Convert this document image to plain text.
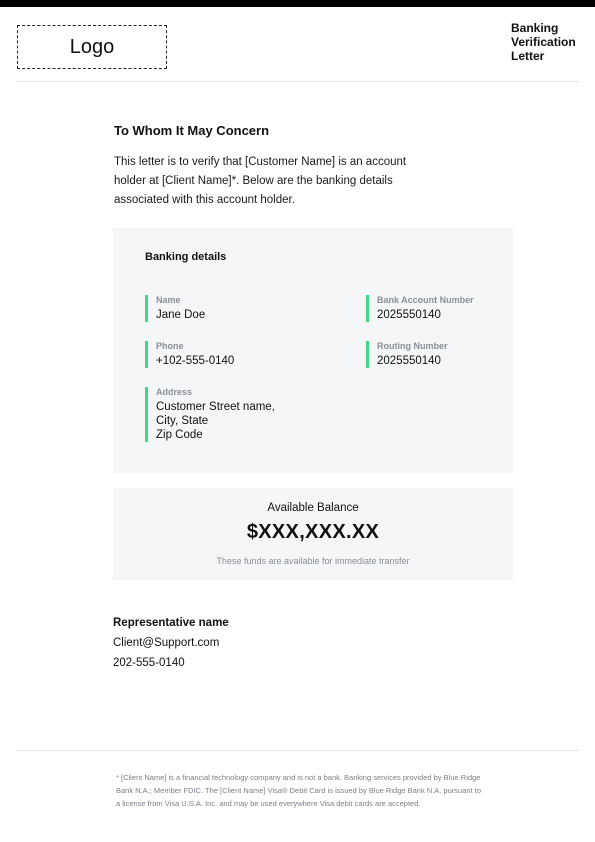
Logo
Banking
Verification
Letter
To Whom It May Concern
This letter is to verify that [Customer Name] is an account holder at [Client Name]*. Below are the banking details associated with this account holder.
Banking details
Name
Jane Doe
Phone
+102-555-0140
Address
Customer Street name,
City, State
Zip Code
Bank Account Number
2025550140
Routing Number
2025550140
Available Balance
$XXX,XXX.XX
These funds are available for immediate transfer
Representative name
Client@Support.com
202-555-0140
* [Client Name] is a financial technology company and is not a bank. Banking services provided by Blue Ridge Bank N.A.; Member FDIC. The [Client Name] Visa® Debit Card is issued by Blue Ridge Bank N.A. pursuant to a license from Visa U.S.A. Inc. and may be used everywhere Visa debit cards are accepted.
